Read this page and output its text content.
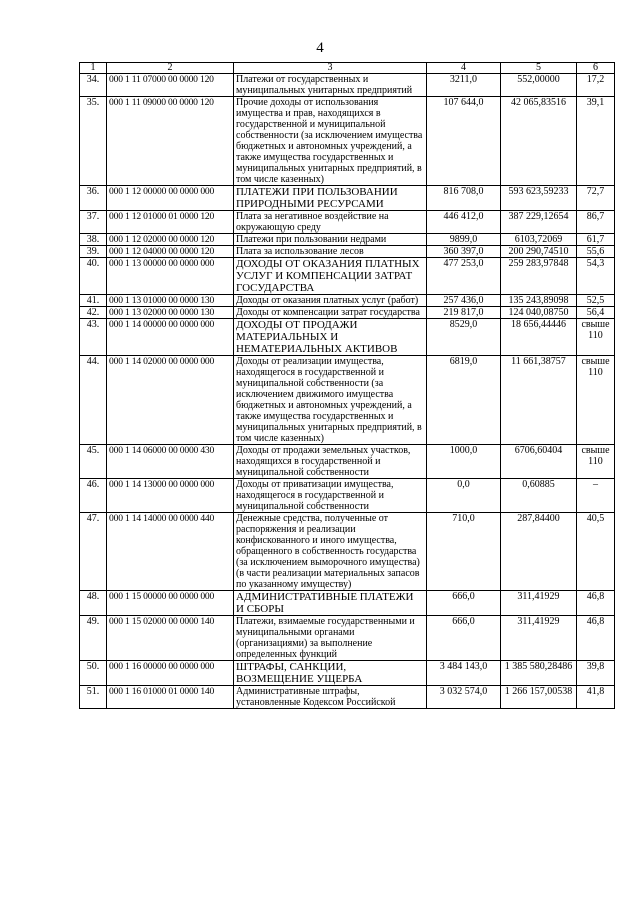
4
1	2	3	4	5	6
34.	000 1 11 07000 00 0000 120	Платежи от государственных и муниципальных унитарных предприятий	3211,0	552,00000	17,2
35.	000 1 11 09000 00 0000 120	Прочие доходы от использования имущества и прав, находящихся в государственной и муниципальной собственности (за исключением имущества бюджетных и автономных учреждений, а также имущества государственных и муниципальных унитарных предприятий, в том числе казенных)	107 644,0	42 065,83516	39,1
36.	000 1 12 00000 00 0000 000	ПЛАТЕЖИ ПРИ ПОЛЬЗОВАНИИ ПРИРОДНЫМИ РЕСУРСАМИ	816 708,0	593 623,59233	72,7
37.	000 1 12 01000 01 0000 120	Плата за негативное воздействие на окружающую среду	446 412,0	387 229,12654	86,7
38.	000 1 12 02000 00 0000 120	Платежи при пользовании недрами	9899,0	6103,72069	61,7
39.	000 1 12 04000 00 0000 120	Плата за использование лесов	360 397,0	200 290,74510	55,6
40.	000 1 13 00000 00 0000 000	ДОХОДЫ ОТ ОКАЗАНИЯ ПЛАТНЫХ УСЛУГ И КОМПЕНСАЦИИ ЗАТРАТ ГОСУДАРСТВА	477 253,0	259 283,97848	54,3
41.	000 1 13 01000 00 0000 130	Доходы от оказания платных услуг (работ)	257 436,0	135 243,89098	52,5
42.	000 1 13 02000 00 0000 130	Доходы от компенсации затрат государства	219 817,0	124 040,08750	56,4
43.	000 1 14 00000 00 0000 000	ДОХОДЫ ОТ ПРОДАЖИ МАТЕРИАЛЬНЫХ И НЕМАТЕРИАЛЬНЫХ АКТИВОВ	8529,0	18 656,44446	свыше 110
44.	000 1 14 02000 00 0000 000	Доходы от реализации имущества, находящегося в государственной и муниципальной собственности (за исключением движимого имущества бюджетных и автономных учреждений, а также имущества государственных и муниципальных унитарных предприятий, в том числе казенных)	6819,0	11 661,38757	свыше 110
45.	000 1 14 06000 00 0000 430	Доходы от продажи земельных участков, находящихся в государственной и муниципальной собственности	1000,0	6706,60404	свыше 110
46.	000 1 14 13000 00 0000 000	Доходы от приватизации имущества, находящегося в государственной и муниципальной собственности	0,0	0,60885	–
47.	000 1 14 14000 00 0000 440	Денежные средства, полученные от распоряжения и реализации конфискованного и иного имущества, обращенного в собственность государства (за исключением выморочного имущества) (в части реализации материальных запасов по указанному имуществу)	710,0	287,84400	40,5
48.	000 1 15 00000 00 0000 000	АДМИНИСТРАТИВНЫЕ ПЛАТЕЖИ И СБОРЫ	666,0	311,41929	46,8
49.	000 1 15 02000 00 0000 140	Платежи, взимаемые государственными и муниципальными органами (организациями) за выполнение определенных функций	666,0	311,41929	46,8
50.	000 1 16 00000 00 0000 000	ШТРАФЫ, САНКЦИИ, ВОЗМЕЩЕНИЕ УЩЕРБА	3 484 143,0	1 385 580,28486	39,8
51.	000 1 16 01000 01 0000 140	Административные штрафы, установленные Кодексом Российской	3 032 574,0	1 266 157,00538	41,8
